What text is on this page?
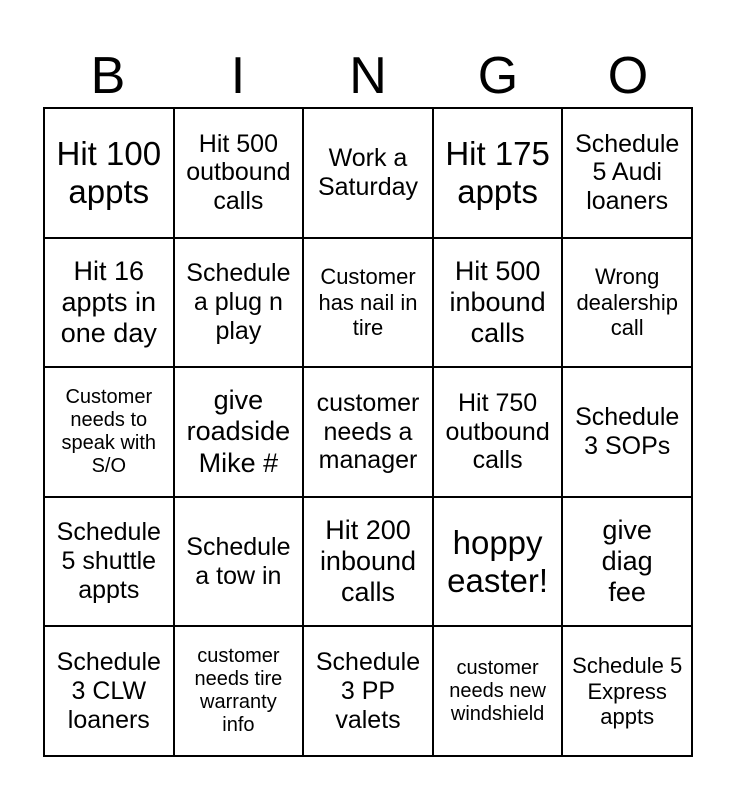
B	I	N	G	O
Hit 100 appts
Hit 500 outbound calls
Work a Saturday
Hit 175 appts
Schedule 5 Audi loaners
Hit 16 appts in one day
Schedule a plug n play
Customer has nail in tire
Hit 500 inbound calls
Wrong dealership call
Customer needs to speak with S/O
give roadside Mike #
customer needs a manager
Hit 750 outbound calls
Schedule 3 SOPs
Schedule 5 shuttle appts
Schedule a tow in
Hit 200 inbound calls
hoppy easter!
give diag fee
Schedule 3 CLW loaners
customer needs tire warranty info
Schedule 3 PP valets
customer needs new windshield
Schedule 5 Express appts
